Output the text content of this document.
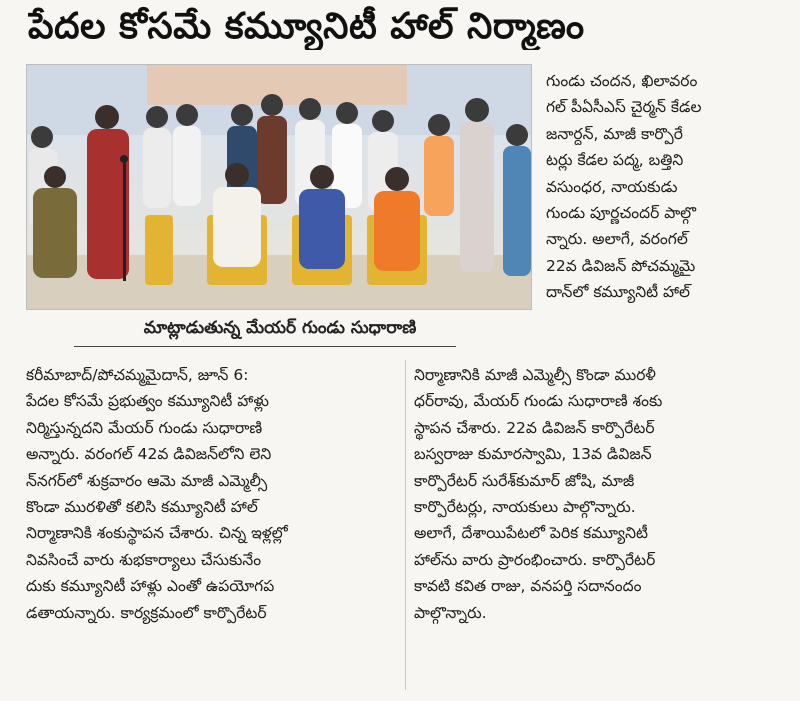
పేదల కోసమే కమ్యూనిటీ హాల్ నిర్మాణం
మాట్లాడుతున్న మేయర్ గుండు సుధారాణి
గుండు చందన, ఖిలావరం
గల్ పీఏసీఎస్ చైర్మన్ కేడల
జనార్దన్, మాజీ కార్పొరే
టర్లు కేడల పద్మ, బత్తిని
వసుంధర, నాయకుడు
గుండు పూర్ణచందర్ పాల్గొ
న్నారు. అలాగే, వరంగల్
22వ డివిజన్ పోచమ్మమై
దాన్‌లో కమ్యూనిటీ హాల్
కరీమాబాద్/పోచమ్మమైదాన్, జూన్ 6:
పేదల కోసమే ప్రభుత్వం కమ్యూనిటీ హాళ్లు
నిర్మిస్తున్నదని మేయర్ గుండు సుధారాణి
అన్నారు. వరంగల్ 42వ డివిజన్‌లోని లెని
న్‌నగర్‌లో శుక్రవారం ఆమె మాజీ ఎమ్మెల్సీ
కొండా మురళితో కలిసి కమ్యూనిటీ హాల్
నిర్మాణానికి శంకుస్థాపన చేశారు. చిన్న ఇళ్లల్లో
నివసించే వారు శుభకార్యాలు చేసుకునేం
దుకు కమ్యూనిటీ హాళ్లు ఎంతో ఉపయోగప
డతాయన్నారు. కార్యక్రమంలో కార్పొరేటర్
నిర్మాణానికి మాజీ ఎమ్మెల్సీ కొండా మురళీ
ధర్‌రావు, మేయర్ గుండు సుధారాణి శంకు
స్థాపన చేశారు. 22వ డివిజన్ కార్పొరేటర్
బస్వరాజు కుమారస్వామి, 13వ డివిజన్
కార్పొరేటర్ సురేశ్‌కుమార్ జోషి, మాజీ
కార్పొరేటర్లు, నాయకులు పాల్గొన్నారు.
అలాగే, దేశాయిపేటలో పెరిక కమ్యూనిటీ
హాల్‌ను వారు ప్రారంభించారు. కార్పొరేటర్
కావటి కవిత రాజు, వనపర్తి సదానందం
పాల్గొన్నారు.
